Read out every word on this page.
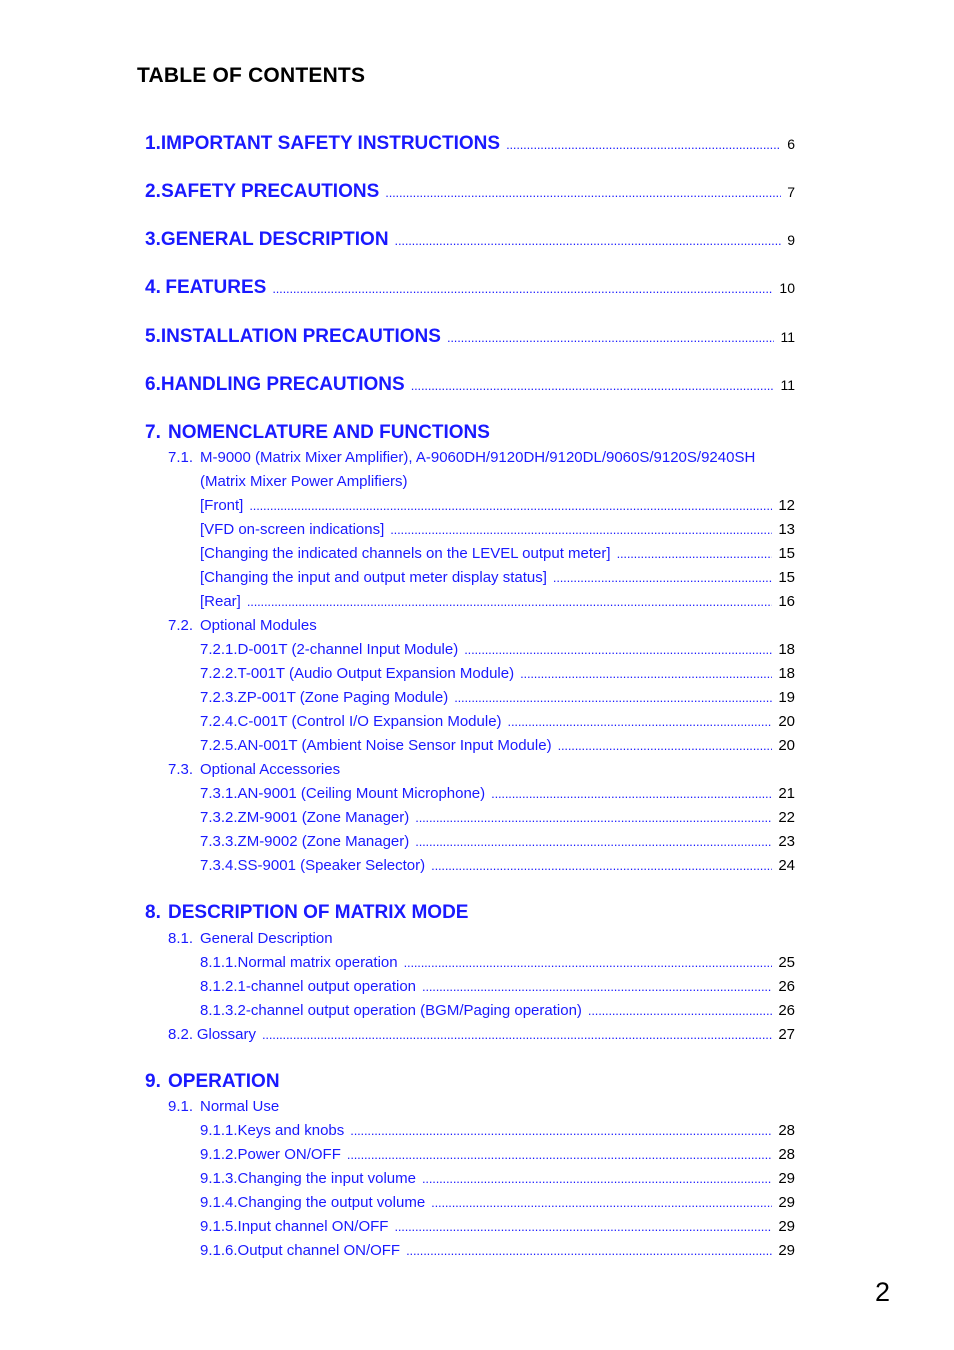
TABLE OF CONTENTS
1. IMPORTANT SAFETY INSTRUCTIONS . . .	6
2. SAFETY PRECAUTIONS . . .	7
3. GENERAL DESCRIPTION . . .	9
4. FEATURES . . .	10
5. INSTALLATION PRECAUTIONS . . .	11
6. HANDLING PRECAUTIONS . . .	11
7. NOMENCLATURE AND FUNCTIONS
7.1. M-9000 (Matrix Mixer Amplifier), A-9060DH/9120DH/9120DL/9060S/9120S/9240SH
(Matrix Mixer Power Amplifiers)
[Front] . . .	12
[VFD on-screen indications] . . .	13
[Changing the indicated channels on the LEVEL output meter] . . .	15
[Changing the input and output meter display status] . . .	15
[Rear] . . .	16
7.2. Optional Modules
7.2.1. D-001T (2-channel Input Module) . . .	18
7.2.2. T-001T (Audio Output Expansion Module) . . .	18
7.2.3. ZP-001T (Zone Paging Module) . . .	19
7.2.4. C-001T (Control I/O Expansion Module) . . .	20
7.2.5. AN-001T (Ambient Noise Sensor Input Module) . . .	20
7.3. Optional Accessories
7.3.1. AN-9001 (Ceiling Mount Microphone) . . .	21
7.3.2. ZM-9001 (Zone Manager) . . .	22
7.3.3. ZM-9002 (Zone Manager) . . .	23
7.3.4. SS-9001 (Speaker Selector) . . .	24
8. DESCRIPTION OF MATRIX MODE
8.1. General Description
8.1.1. Normal matrix operation . . .	25
8.1.2. 1-channel output operation . . .	26
8.1.3. 2-channel output operation (BGM/Paging operation) . . .	26
8.2. Glossary . . .	27
9. OPERATION
9.1. Normal Use
9.1.1. Keys and knobs . . .	28
9.1.2. Power ON/OFF . . .	28
9.1.3. Changing the input volume . . .	29
9.1.4. Changing the output volume . . .	29
9.1.5. Input channel ON/OFF . . .	29
9.1.6. Output channel ON/OFF . . .	29
2
